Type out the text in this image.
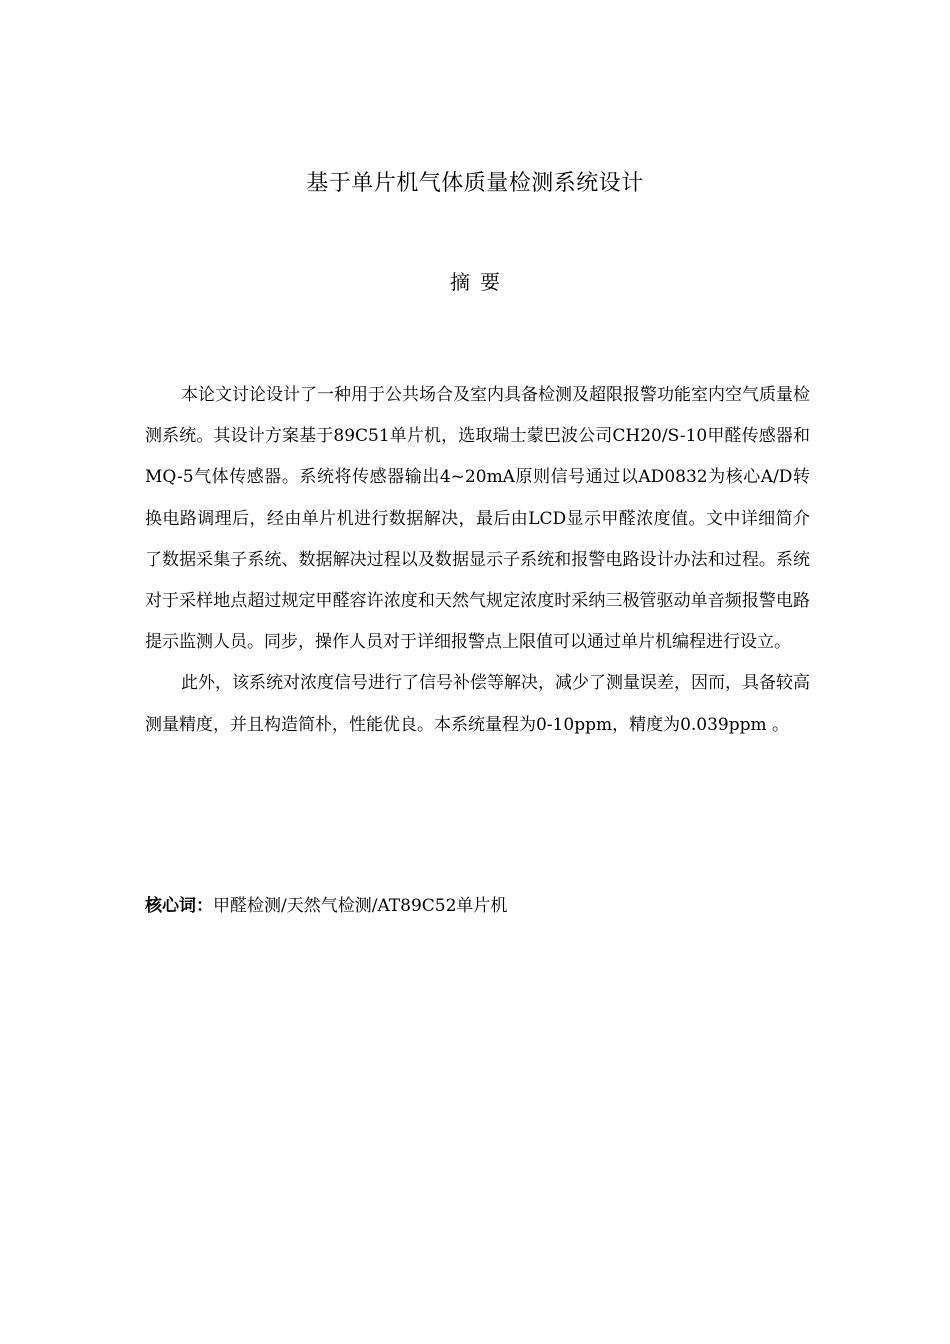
基于单片机气体质量检测系统设计
摘要

本论文讨论设计了一种用于公共场合及室内具备检测及超限报警功能室内空气质量检测系统。其设计方案基于89C51单片机，选取瑞士蒙巴波公司CH20/S-10甲醛传感器和MQ-5气体传感器。系统将传感器输出4~20mA原则信号通过以AD0832为核心A/D转换电路调理后，经由单片机进行数据解决，最后由LCD显示甲醛浓度值。文中详细简介了数据采集子系统、数据解决过程以及数据显示子系统和报警电路设计办法和过程。系统对于采样地点超过规定甲醛容许浓度和天然气规定浓度时采纳三极管驱动单音频报警电路提示监测人员。同步，操作人员对于详细报警点上限值可以通过单片机编程进行设立。

此外，该系统对浓度信号进行了信号补偿等解决，减少了测量误差，因而，具备较高测量精度，并且构造简朴，性能优良。本系统量程为0-10ppm，精度为0.039ppm 。

核心词：甲醛检测/天然气检测/AT89C52单片机
